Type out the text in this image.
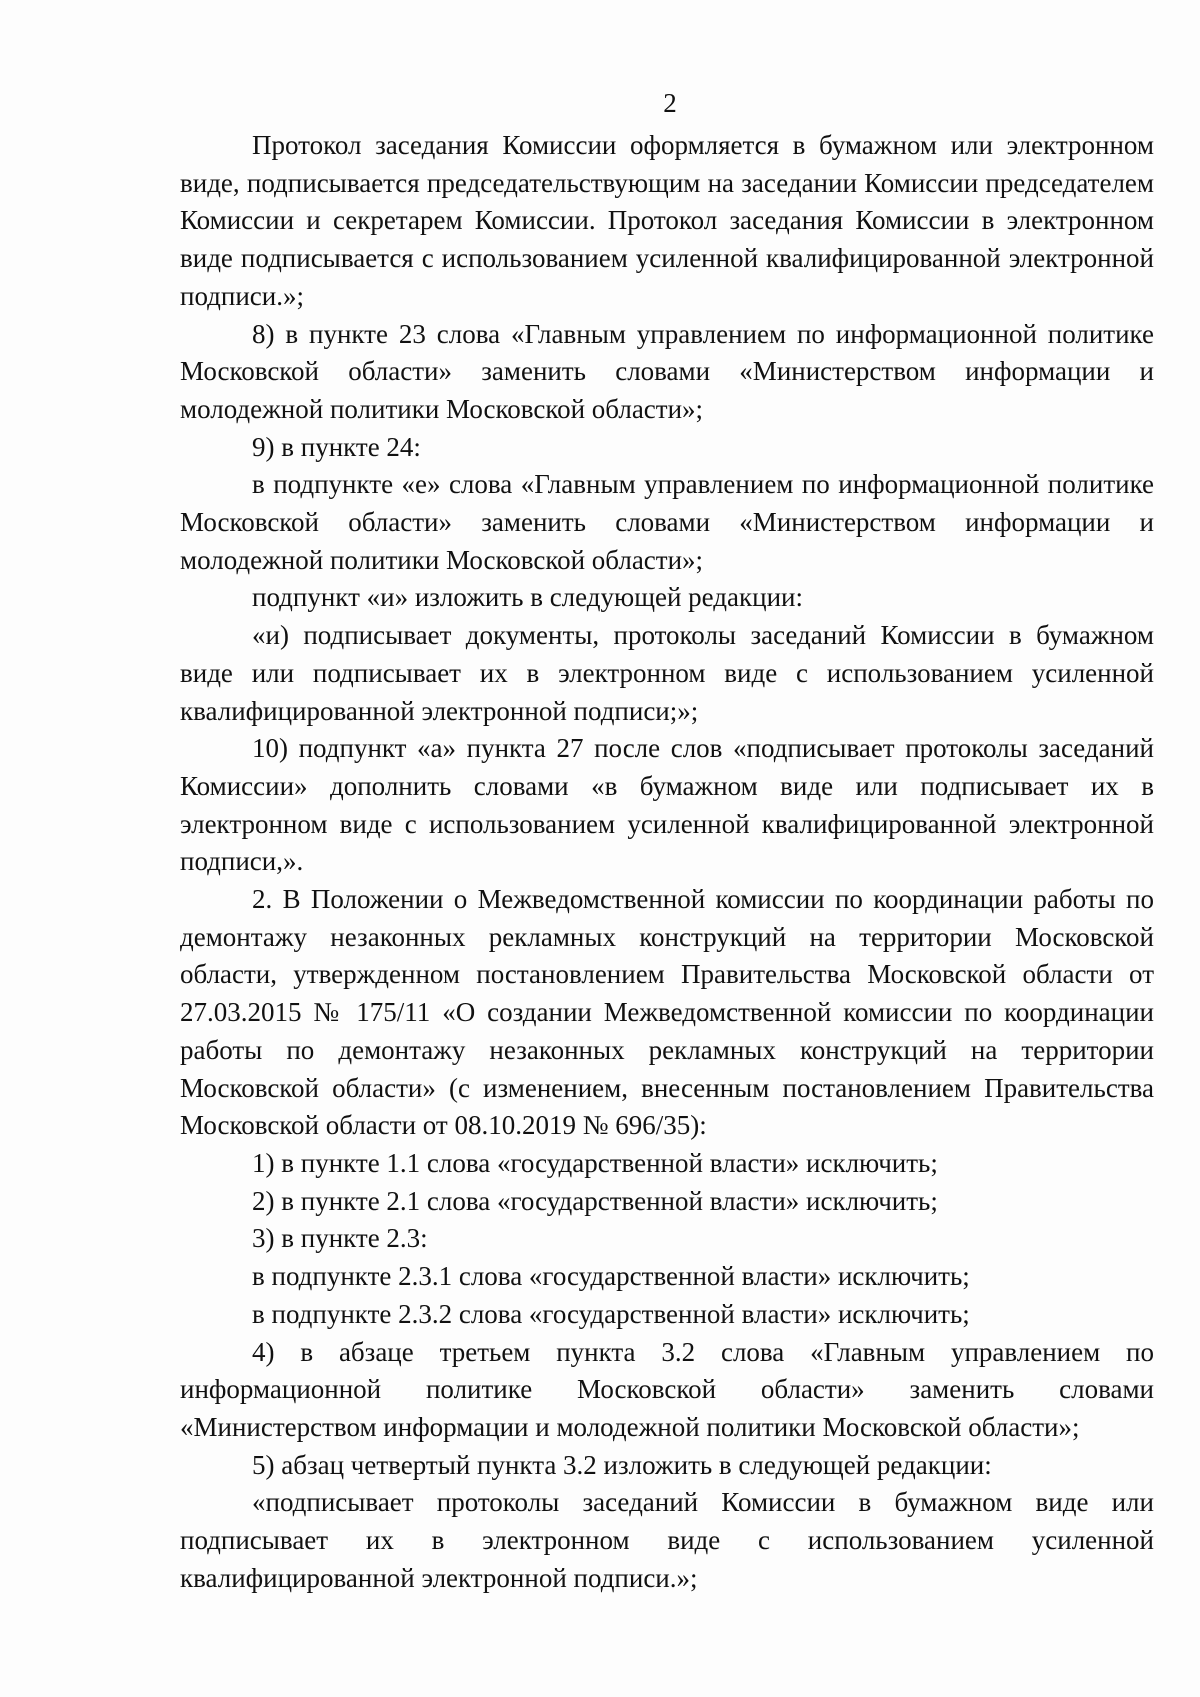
2

Протокол заседания Комиссии оформляется в бумажном или электронном виде, подписывается председательствующим на заседании Комиссии председателем Комиссии и секретарем Комиссии. Протокол заседания Комиссии в электронном виде подписывается с использованием усиленной квалифицированной электронной подписи.»;

8) в пункте 23 слова «Главным управлением по информационной политике Московской области» заменить словами «Министерством информации и молодежной политики Московской области»;

9) в пункте 24:

в подпункте «е» слова «Главным управлением по информационной политике Московской области» заменить словами «Министерством информации и молодежной политики Московской области»;

подпункт «и» изложить в следующей редакции:

«и) подписывает документы, протоколы заседаний Комиссии в бумажном виде или подписывает их в электронном виде с использованием усиленной квалифицированной электронной подписи;»;

10) подпункт «а» пункта 27 после слов «подписывает протоколы заседаний Комиссии» дополнить словами «в бумажном виде или подписывает их в электронном виде с использованием усиленной квалифицированной электронной подписи,».

2. В Положении о Межведомственной комиссии по координации работы по демонтажу незаконных рекламных конструкций на территории Московской области, утвержденном постановлением Правительства Московской области от 27.03.2015 № 175/11 «О создании Межведомственной комиссии по координации работы по демонтажу незаконных рекламных конструкций на территории Московской области» (с изменением, внесенным постановлением Правительства Московской области от 08.10.2019 № 696/35):

1) в пункте 1.1 слова «государственной власти» исключить;

2) в пункте 2.1 слова «государственной власти» исключить;

3) в пункте 2.3:

в подпункте 2.3.1 слова «государственной власти» исключить;

в подпункте 2.3.2 слова «государственной власти» исключить;

4) в абзаце третьем пункта 3.2 слова «Главным управлением по информационной политике Московской области» заменить словами «Министерством информации и молодежной политики Московской области»;

5) абзац четвертый пункта 3.2 изложить в следующей редакции:

«подписывает протоколы заседаний Комиссии в бумажном виде или подписывает их в электронном виде с использованием усиленной квалифицированной электронной подписи.»;
